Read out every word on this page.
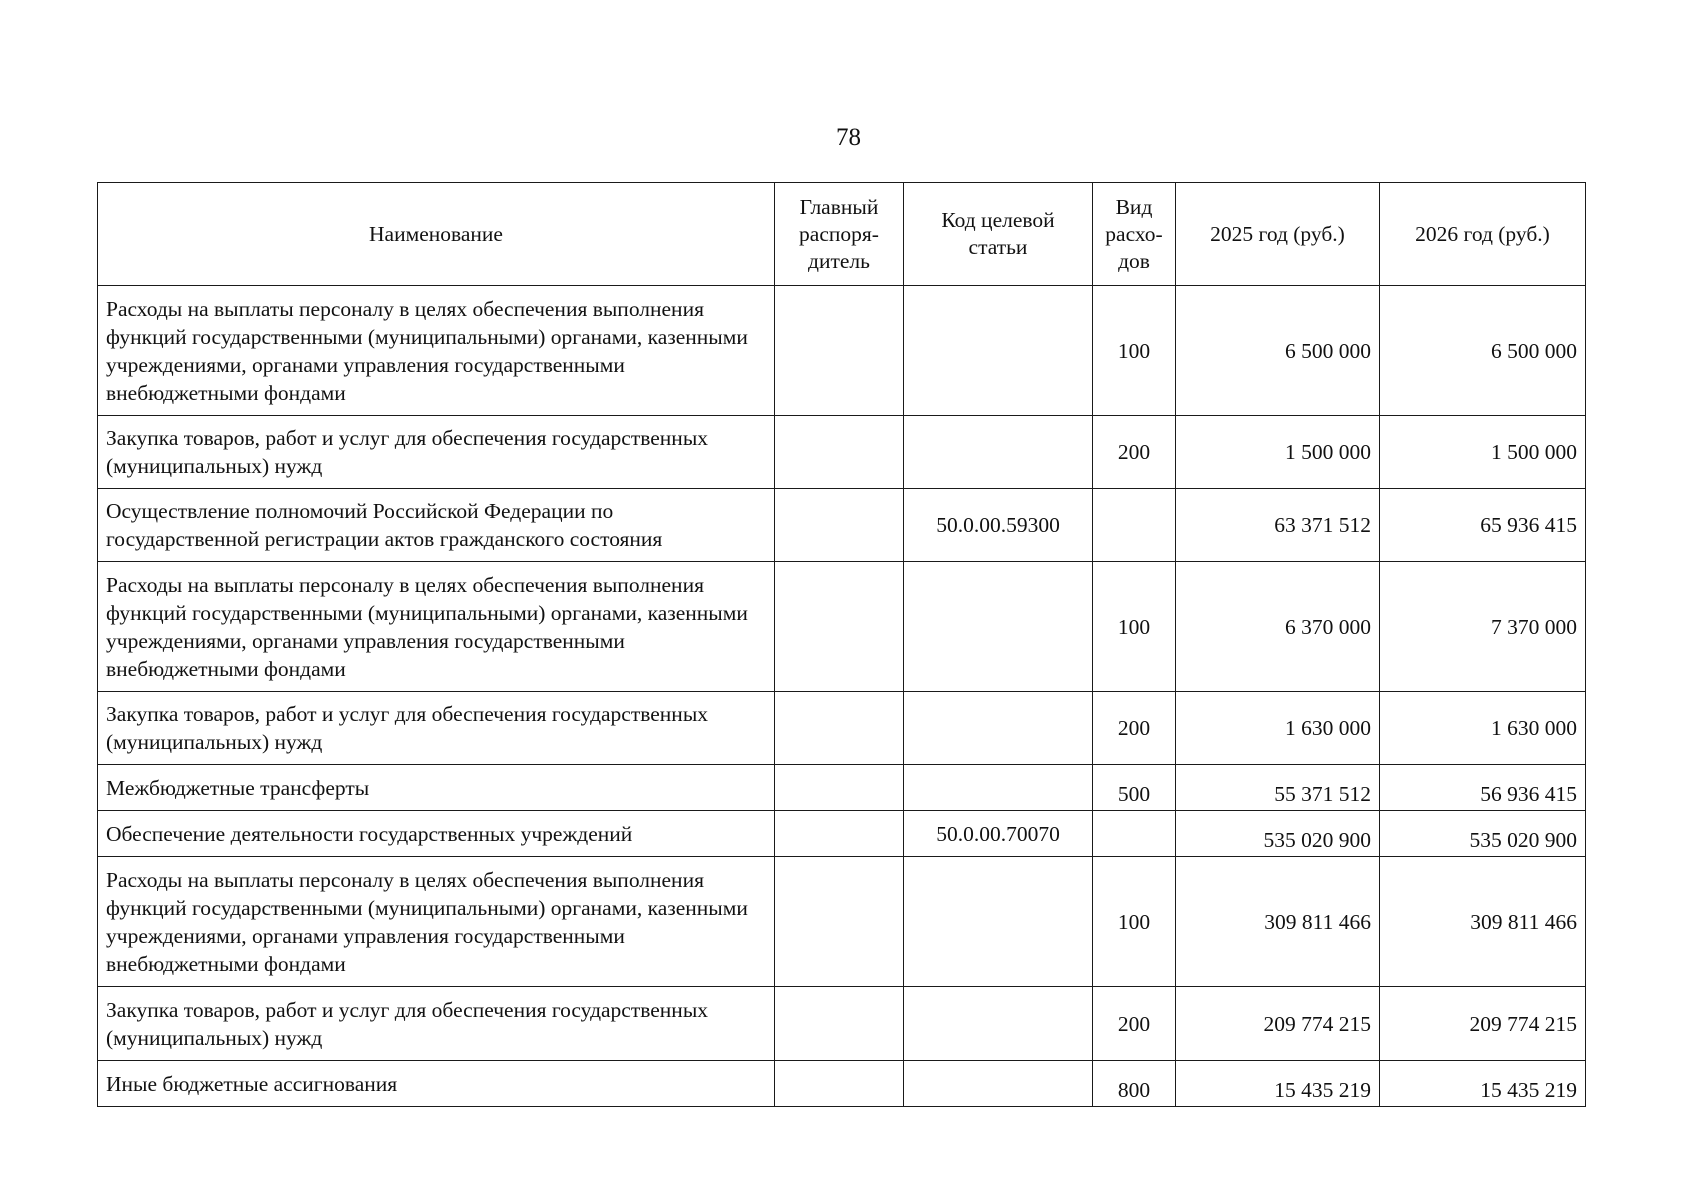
78
Наименование	Главный распоря-дитель	Код целевой статьи	Вид расхо-дов	2025 год (руб.)	2026 год (руб.)
Расходы на выплаты персоналу в целях обеспечения выполнения функций государственными (муниципальными) органами, казенными учреждениями, органами управления государственными внебюджетными фондами			100	6 500 000	6 500 000
Закупка товаров, работ и услуг для обеспечения государственных (муниципальных) нужд			200	1 500 000	1 500 000
Осуществление полномочий Российской Федерации по государственной регистрации актов гражданского состояния		50.0.00.59300		63 371 512	65 936 415
Расходы на выплаты персоналу в целях обеспечения выполнения функций государственными (муниципальными) органами, казенными учреждениями, органами управления государственными внебюджетными фондами			100	6 370 000	7 370 000
Закупка товаров, работ и услуг для обеспечения государственных (муниципальных) нужд			200	1 630 000	1 630 000
Межбюджетные трансферты			500	55 371 512	56 936 415
Обеспечение деятельности государственных учреждений		50.0.00.70070		535 020 900	535 020 900
Расходы на выплаты персоналу в целях обеспечения выполнения функций государственными (муниципальными) органами, казенными учреждениями, органами управления государственными внебюджетными фондами			100	309 811 466	309 811 466
Закупка товаров, работ и услуг для обеспечения государственных (муниципальных) нужд			200	209 774 215	209 774 215
Иные бюджетные ассигнования			800	15 435 219	15 435 219
